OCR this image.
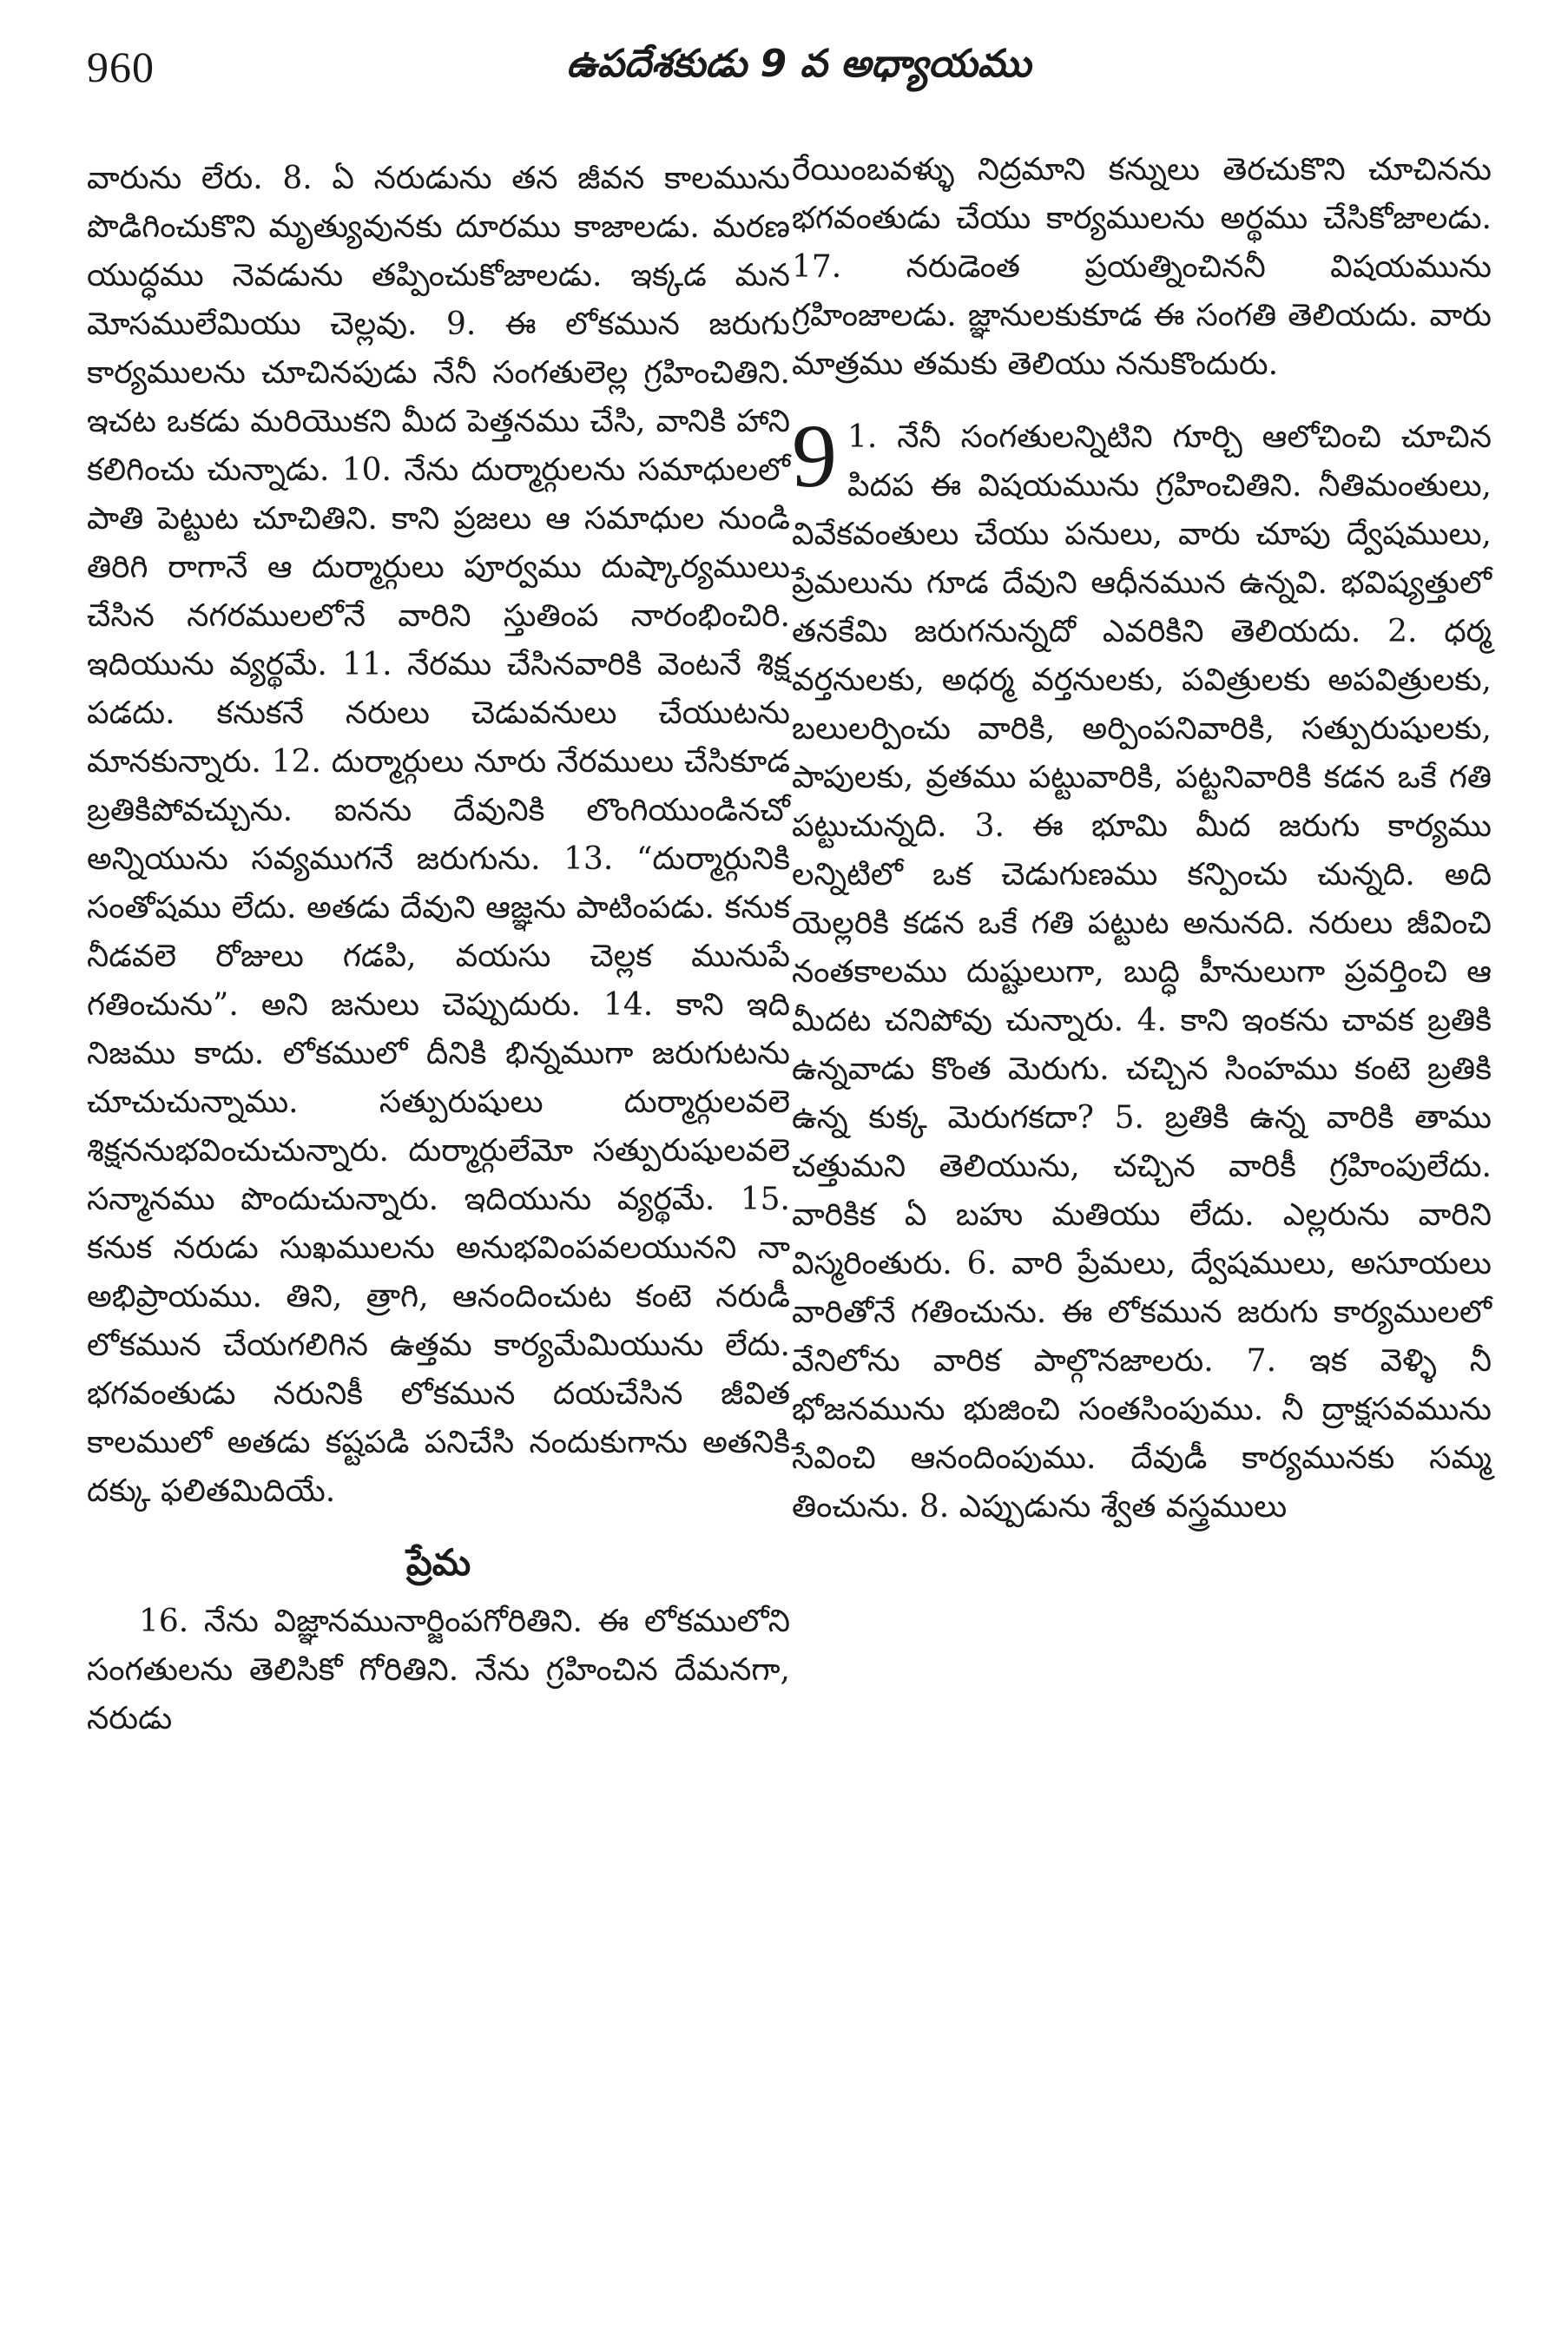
960	ఉపదేశకుడు 9 వ అధ్యాయము

వారును లేరు. 8. ఏ నరుడును తన జీవన కాలమును పొడిగించుకొని మృత్యువునకు దూరము కాజాలడు. మరణ యుద్ధము నెవడును తప్పించుకోజాలడు. ఇక్కడ మన మోసములేమియు చెల్లవు. 9. ఈ లోకమున జరుగు కార్యములను చూచినపుడు నేనీ సంగతులెల్ల గ్రహించితిని. ఇచట ఒకడు మరియొకని మీద పెత్తనము చేసి, వానికి హాని కలిగించు చున్నాడు. 10. నేను దుర్మార్గులను సమాధులలో పాతి పెట్టుట చూచితిని. కాని ప్రజలు ఆ సమాధుల నుండి తిరిగి రాగానే ఆ దుర్మార్గులు పూర్వము దుష్కార్యములు చేసిన నగరములలోనే వారిని స్తుతింప నారంభించిరి. ఇదియును వ్యర్థమే. 11. నేరము చేసినవారికి వెంటనే శిక్ష పడదు. కనుకనే నరులు చెడువనులు చేయుటను మానకున్నారు. 12. దుర్మార్గులు నూరు నేరములు చేసికూడ బ్రతికిపోవచ్చును. ఐనను దేవునికి లొంగియుండినచో అన్నియును సవ్యముగనే జరుగును. 13. “దుర్మార్గునికి సంతోషము లేదు. అతడు దేవుని ఆజ్ఞను పాటింపడు. కనుక నీడవలె రోజులు గడపి, వయసు చెల్లక మునుపే గతించును”. అని జనులు చెప్పుదురు. 14. కాని ఇది నిజము కాదు. లోకములో దీనికి భిన్నముగా జరుగుటను చూచుచున్నాము. సత్పురుషులు దుర్మార్గులవలె శిక్షననుభవించుచున్నారు. దుర్మార్గులేమో సత్పురుషులవలె సన్మానము పొందుచున్నారు. ఇదియును వ్యర్థమే. 15. కనుక నరుడు సుఖములను అనుభవింపవలయునని నా అభిప్రాయము. తిని, త్రాగి, ఆనందించుట కంటె నరుడీ లోకమున చేయగలిగిన ఉత్తమ కార్యమేమియును లేదు. భగవంతుడు నరునికీ లోకమున దయచేసిన జీవిత కాలములో అతడు కష్టపడి పనిచేసి నందుకుగాను అతనికి దక్కు ఫలితమిదియే.

ప్రేమ

16. నేను విజ్ఞానమునార్జింపగోరితిని. ఈ లోకములోని సంగతులను తెలిసికో గోరితిని. నేను గ్రహించిన దేమనగా, నరుడు

రేయింబవళ్ళు నిద్రమాని కన్నులు తెరచుకొని చూచినను భగవంతుడు చేయు కార్యములను అర్థము చేసికోజాలడు. 17. నరుడెంత ప్రయత్నించిననీ విషయమును గ్రహింజాలడు. జ్ఞానులకుకూడ ఈ సంగతి తెలియదు. వారు మాత్రము తమకు తెలియు ననుకొందురు.

9 1. నేనీ సంగతులన్నిటిని గూర్చి ఆలోచించి చూచిన పిదప ఈ విషయమును గ్రహించితిని. నీతిమంతులు, వివేకవంతులు చేయు పనులు, వారు చూపు ద్వేషములు, ప్రేమలును గూడ దేవుని ఆధీనమున ఉన్నవి. భవిష్యత్తులో తనకేమి జరుగనున్నదో ఎవరికిని తెలియదు. 2. ధర్మ వర్తనులకు, అధర్మ వర్తనులకు, పవిత్రులకు అపవిత్రులకు, బలులర్పించు వారికి, అర్పింపనివారికి, సత్పురుషులకు, పాపులకు, వ్రతము పట్టువారికి, పట్టనివారికి కడన ఒకే గతి పట్టుచున్నది. 3. ఈ భూమి మీద జరుగు కార్యము లన్నిటిలో ఒక చెడుగుణము కన్పించు చున్నది. అది యెల్లరికి కడన ఒకే గతి పట్టుట అనునది. నరులు జీవించి నంతకాలము దుష్టులుగా, బుద్ధి హీనులుగా ప్రవర్తించి ఆ మీదట చనిపోవు చున్నారు. 4. కాని ఇంకను చావక బ్రతికి ఉన్నవాడు కొంత మెరుగు. చచ్చిన సింహము కంటె బ్రతికి ఉన్న కుక్క మెరుగకదా? 5. బ్రతికి ఉన్న వారికి తాము చత్తుమని తెలియును, చచ్చిన వారికీ గ్రహింపులేదు. వారికిక ఏ బహు మతియు లేదు. ఎల్లరును వారిని విస్మరింతురు. 6. వారి ప్రేమలు, ద్వేషములు, అసూయలు వారితోనే గతించును. ఈ లోకమున జరుగు కార్యములలో వేనిలోను వారిక పాల్గొనజాలరు. 7. ఇక వెళ్ళి నీ భోజనమును భుజించి సంతసింపుము. నీ ద్రాక్షసవమును సేవించి ఆనందింపుము. దేవుడీ కార్యమునకు సమ్మ తించును. 8. ఎప్పుడును శ్వేత వస్త్రములు
